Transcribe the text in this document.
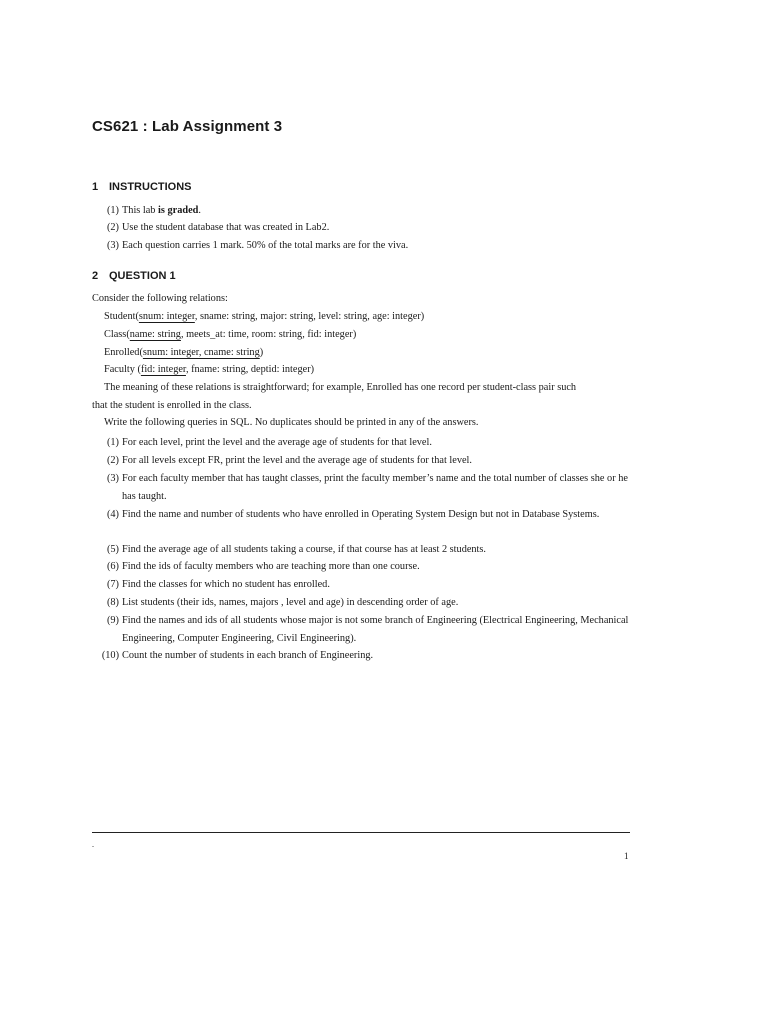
CS621 : Lab Assignment 3
1 INSTRUCTIONS
(1) This lab is graded.
(2) Use the student database that was created in Lab2.
(3) Each question carries 1 mark. 50% of the total marks are for the viva.
2 QUESTION 1
Consider the following relations:
Student(snum: integer, sname: string, major: string, level: string, age: integer)
Class(name: string, meets_at: time, room: string, fid: integer)
Enrolled(snum: integer, cname: string)
Faculty (fid: integer, fname: string, deptid: integer)
The meaning of these relations is straightforward; for example, Enrolled has one record per student-class pair such
that the student is enrolled in the class.
Write the following queries in SQL. No duplicates should be printed in any of the answers.
(1) For each level, print the level and the average age of students for that level.
(2) For all levels except FR, print the level and the average age of students for that level.
(3) For each faculty member that has taught classes, print the faculty member’s name and the total number of classes she or he has taught.
(4) Find the name and number of students who have enrolled in Operating System Design but not in Database Systems.
(5) Find the average age of all students taking a course, if that course has at least 2 students.
(6) Find the ids of faculty members who are teaching more than one course.
(7) Find the classes for which no student has enrolled.
(8) List students (their ids, names, majors , level and age) in descending order of age.
(9) Find the names and ids of all students whose major is not some branch of Engineering (Electrical Engineering, Mechanical Engineering, Computer Engineering, Civil Engineering).
(10) Count the number of students in each branch of Engineering.
.
1
